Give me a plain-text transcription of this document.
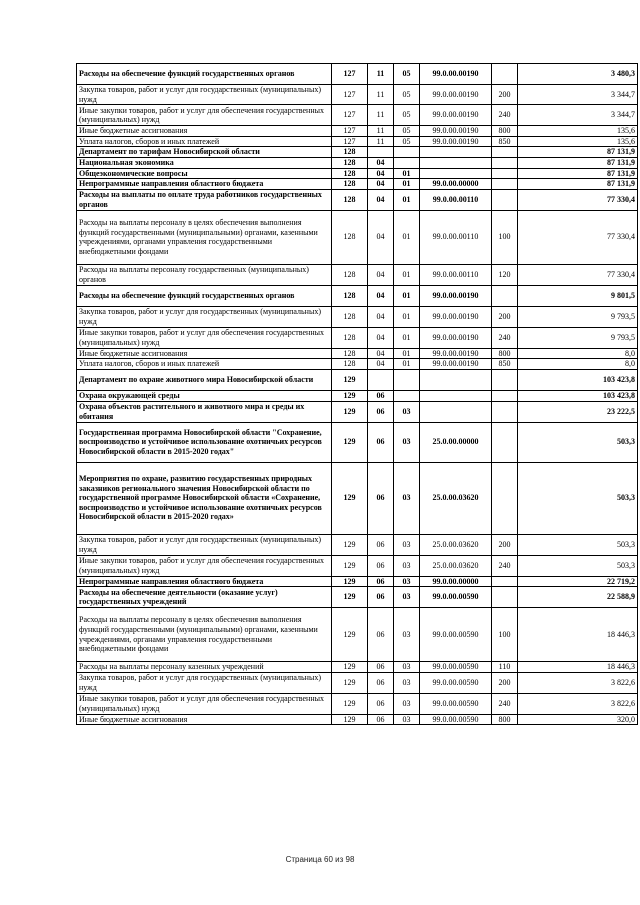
Расходы на обеспечение функций государственных органов	127	11	05	99.0.00.00190		3 480,3
Закупка товаров, работ и услуг для государственных (муниципальных) нужд	127	11	05	99.0.00.00190	200	3 344,7
Иные закупки товаров, работ и услуг для обеспечения государственных (муниципальных) нужд	127	11	05	99.0.00.00190	240	3 344,7
Иные бюджетные ассигнования	127	11	05	99.0.00.00190	800	135,6
Уплата налогов, сборов и иных платежей	127	11	05	99.0.00.00190	850	135,6
Департамент по тарифам Новосибирской области	128					87 131,9
Национальная экономика	128	04				87 131,9
Общеэкономические вопросы	128	04	01			87 131,9
Непрограммные направления областного бюджета	128	04	01	99.0.00.00000		87 131,9
Расходы на выплаты по оплате труда работников государственных органов	128	04	01	99.0.00.00110		77 330,4
Расходы на выплаты персоналу в целях обеспечения выполнения функций государственными (муниципальными) органами, казенными учреждениями, органами управления государственными внебюджетными фондами	128	04	01	99.0.00.00110	100	77 330,4
Расходы на выплаты персоналу государственных (муниципальных) органов	128	04	01	99.0.00.00110	120	77 330,4
Расходы на обеспечение функций государственных органов	128	04	01	99.0.00.00190		9 801,5
Закупка товаров, работ и услуг для государственных (муниципальных) нужд	128	04	01	99.0.00.00190	200	9 793,5
Иные закупки товаров, работ и услуг для обеспечения государственных (муниципальных) нужд	128	04	01	99.0.00.00190	240	9 793,5
Иные бюджетные ассигнования	128	04	01	99.0.00.00190	800	8,0
Уплата налогов, сборов и иных платежей	128	04	01	99.0.00.00190	850	8,0
Департамент по охране животного мира Новосибирской области	129					103 423,8
Охрана окружающей среды	129	06				103 423,8
Охрана объектов растительного и животного мира и среды их обитания	129	06	03			23 222,5
Государственная программа Новосибирской области "Сохранение, воспроизводство и устойчивое использование охотничьих ресурсов Новосибирской области в 2015-2020 годах"	129	06	03	25.0.00.00000		503,3
Мероприятия по охране, развитию государственных природных заказников регионального значения Новосибирской области по государственной программе Новосибирской области «Сохранение, воспроизводство и устойчивое использование охотничьих ресурсов Новосибирской области в 2015-2020 годах»	129	06	03	25.0.00.03620		503,3
Закупка товаров, работ и услуг для государственных (муниципальных) нужд	129	06	03	25.0.00.03620	200	503,3
Иные закупки товаров, работ и услуг для обеспечения государственных (муниципальных) нужд	129	06	03	25.0.00.03620	240	503,3
Непрограммные направления областного бюджета	129	06	03	99.0.00.00000		22 719,2
Расходы на обеспечение деятельности (оказание услуг) государственных учреждений	129	06	03	99.0.00.00590		22 588,9
Расходы на выплаты персоналу в целях обеспечения выполнения функций государственными (муниципальными) органами, казенными учреждениями, органами управления государственными внебюджетными фондами	129	06	03	99.0.00.00590	100	18 446,3
Расходы на выплаты персоналу казенных учреждений	129	06	03	99.0.00.00590	110	18 446,3
Закупка товаров, работ и услуг для государственных (муниципальных) нужд	129	06	03	99.0.00.00590	200	3 822,6
Иные закупки товаров, работ и услуг для обеспечения государственных (муниципальных) нужд	129	06	03	99.0.00.00590	240	3 822,6
Иные бюджетные ассигнования	129	06	03	99.0.00.00590	800	320,0
Страница 60 из 98
